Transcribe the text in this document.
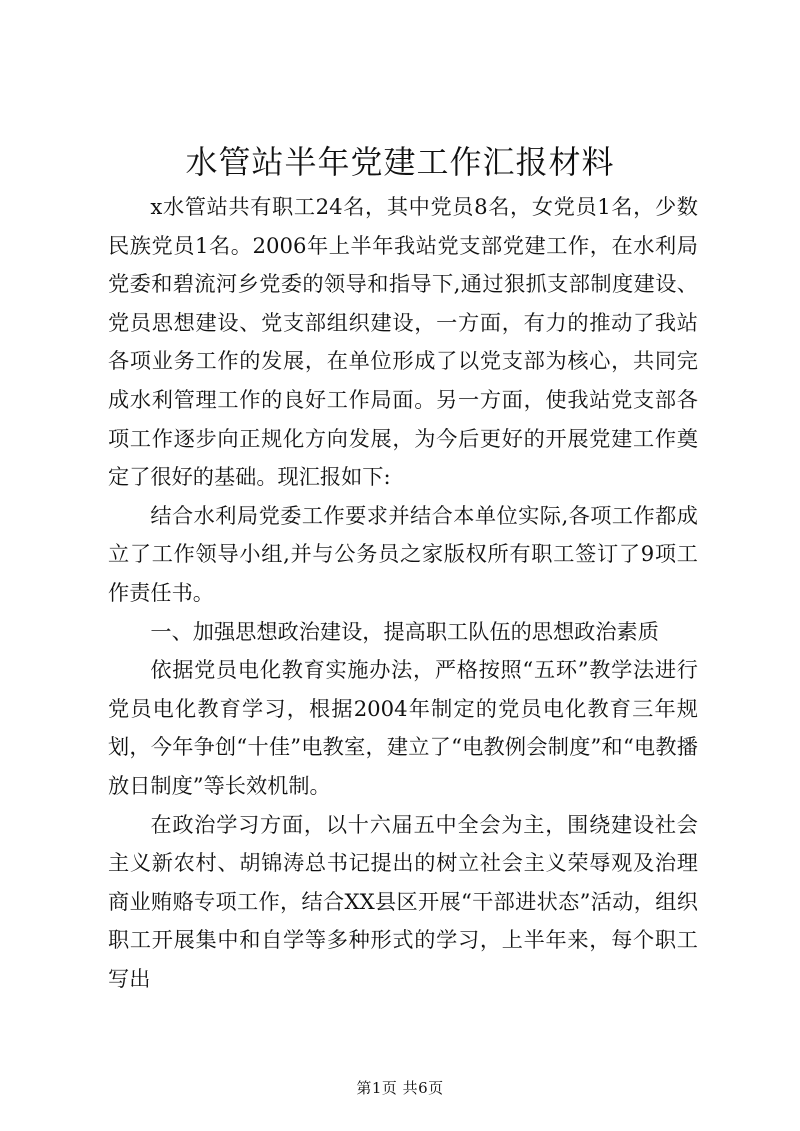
水管站半年党建工作汇报材料

x水管站共有职工24名，其中党员8名，女党员1名，少数民族党员1名。2006年上半年我站党支部党建工作，在水利局党委和碧流河乡党委的领导和指导下,通过狠抓支部制度建设、党员思想建设、党支部组织建设，一方面，有力的推动了我站各项业务工作的发展，在单位形成了以党支部为核心，共同完成水利管理工作的良好工作局面。另一方面，使我站党支部各项工作逐步向正规化方向发展，为今后更好的开展党建工作奠定了很好的基础。现汇报如下:

结合水利局党委工作要求并结合本单位实际,各项工作都成立了工作领导小组,并与公务员之家版权所有职工签订了9项工作责任书。

一、加强思想政治建设，提高职工队伍的思想政治素质

依据党员电化教育实施办法，严格按照“五环”教学法进行党员电化教育学习，根据2004年制定的党员电化教育三年规划，今年争创“十佳”电教室，建立了“电教例会制度”和“电教播放日制度”等长效机制。

在政治学习方面，以十六届五中全会为主，围绕建设社会主义新农村、胡锦涛总书记提出的树立社会主义荣辱观及治理商业贿赂专项工作，结合XX县区开展“干部进状态”活动，组织职工开展集中和自学等多种形式的学习，上半年来，每个职工写出

第1页 共6页
